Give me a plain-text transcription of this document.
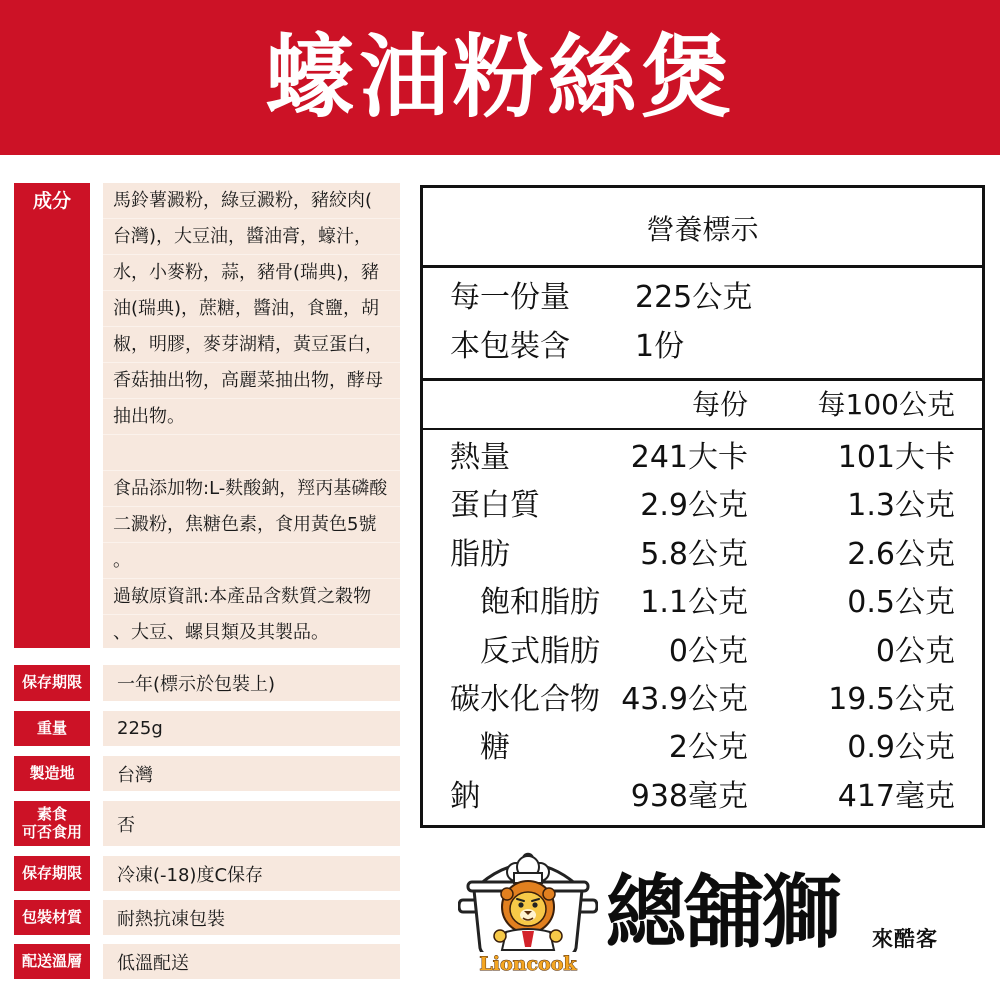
蠔油粉絲煲
成分	馬鈴薯澱粉，綠豆澱粉，豬絞肉(
台灣)，大豆油，醬油膏，蠔汁，
水，小麥粉，蒜，豬骨(瑞典)，豬
油(瑞典)，蔗糖，醬油，食鹽，胡
椒，明膠，麥芽湖精，黃豆蛋白，
香菇抽出物，高麗菜抽出物，酵母
抽出物。
食品添加物:L-麩酸鈉，羥丙基磷酸
二澱粉，焦糖色素，食用黃色5號
。
過敏原資訊:本產品含麩質之穀物
、大豆、螺貝類及其製品。
保存期限	一年(標示於包裝上)
重量	225g
製造地	台灣
素食
可否食用	否
保存期限	冷凍(-18)度C保存
包裝材質	耐熱抗凍包裝
配送溫層	低溫配送
營養標示
每一份量 225公克
本包裝含 1份
每份 每100公克
熱量	241大卡	101大卡
蛋白質	2.9公克	1.3公克
脂肪	5.8公克	2.6公克
飽和脂肪 1.1公克	0.5公克
反式脂肪 0公克	0公克
碳水化合物 43.9公克	19.5公克
糖	2公克	0.9公克
鈉	938毫克	417毫克
Lioncook
總舖獅 來酷客
